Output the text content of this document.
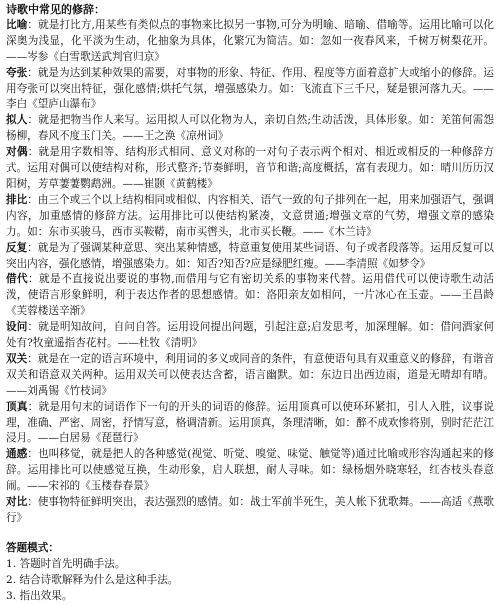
诗歌中常见的修辞：

比喻：就是打比方,用某些有类似点的事物来比拟另一事物,可分为明喻、暗喻、借喻等。运用比喻可以化深奥为浅显，化平淡为生动，化抽象为具体，化繁冗为简洁。如：忽如一夜春风来，千树万树梨花开。——岑参《白雪歌送武判官归京》

夸张：就是为达到某种效果的需要，对事物的形象、特征、作用、程度等方面着意扩大或缩小的修辞。运用夸张可以突出特征，强化感情;烘托气氛，增强感染力。如：飞流直下三千尺，疑是银河落九天。——李白《望庐山瀑布》

拟人：就是把物当作人来写。运用拟人可以化物为人，亲切自然;生动活泼，具体形象。如：羌笛何需怨杨柳，春风不度玉门关。——王之涣《凉州词》

对偶：就是用字数相等、结构形式相同、意义对称的一对句子表示两个相对、相近或相反的一种修辞方式。运用对偶可以使结构对称，形式整齐;节奏鲜明，音节和谐;高度概括，富有表现力。如：晴川历历汉阳树，芳草萋萋鹦鹉洲。——崔颢《黄鹤楼》

排比：由三个或三个以上结构相同或相似、内容相关、语气一致的句子排列在一起，用来加强语气，强调内容，加重感情的修辞方法。运用排比可以使结构紧凑，文意贯通;增强文章的气势，增强文章的感染力。如：东市买骏马，西市买鞍鞯，南市买辔头，北市买长鞭。——《木兰诗》

反复：就是为了强调某种意思、突出某种情感，特意重复使用某些词语、句子或者段落等。运用反复可以突出内容，强化感情，增强感染力。如：知否?知否?应是绿肥红瘦。——李清照《如梦令》

借代：就是不直接说出要说的事物,而借用与它有密切关系的事物来代替。运用借代可以使诗歌生动活泼，使语言形象鲜明，利于表达作者的思想感情。如：洛阳亲友如相问，一片冰心在玉壶。——王昌龄《芙蓉楼送辛渐》

设问：就是明知故问，自问自答。运用设问提出问题，引起注意;启发思考，加深理解。如：借问酒家何处有?牧童遥指杏花村。——杜牧《清明》

双关：就是在一定的语言环境中，利用词的多义或同音的条件，有意使语句具有双重意义的修辞，有谐音双关和语意双关两种。运用双关可以使表达含蓄，语言幽默。如：东边日出西边雨，道是无晴却有晴。——刘禹锡《竹枝词》

顶真：就是用句末的词语作下一句的开头的词语的修辞。运用顶真可以使环环紧扣，引人入胜，议事说理，准确、严密、周密，抒情写意，格调清新。运用顶真，条理清晰，如：醉不成欢惨将别，别时茫茫江浸月。——白居易《琵琶行》

通感：也叫移觉，就是把人的各种感觉(视觉、听觉、嗅觉、味觉、触觉等)通过比喻或形容沟通起来的修辞。运用排比可以使感觉互换，生动形象，启人联想，耐人寻味。如：绿杨烟外晓寒轻，红杏枝头春意闹。——宋祁的《玉楼春春景》

对比：使事物特征鲜明突出，表达强烈的感情。如：战士军前半死生，美人帐下犹歌舞。——高适《燕歌行》

答题模式：

1. 答题时首先明确手法。
2. 结合诗歌解释为什么是这种手法。
3. 指出效果。
